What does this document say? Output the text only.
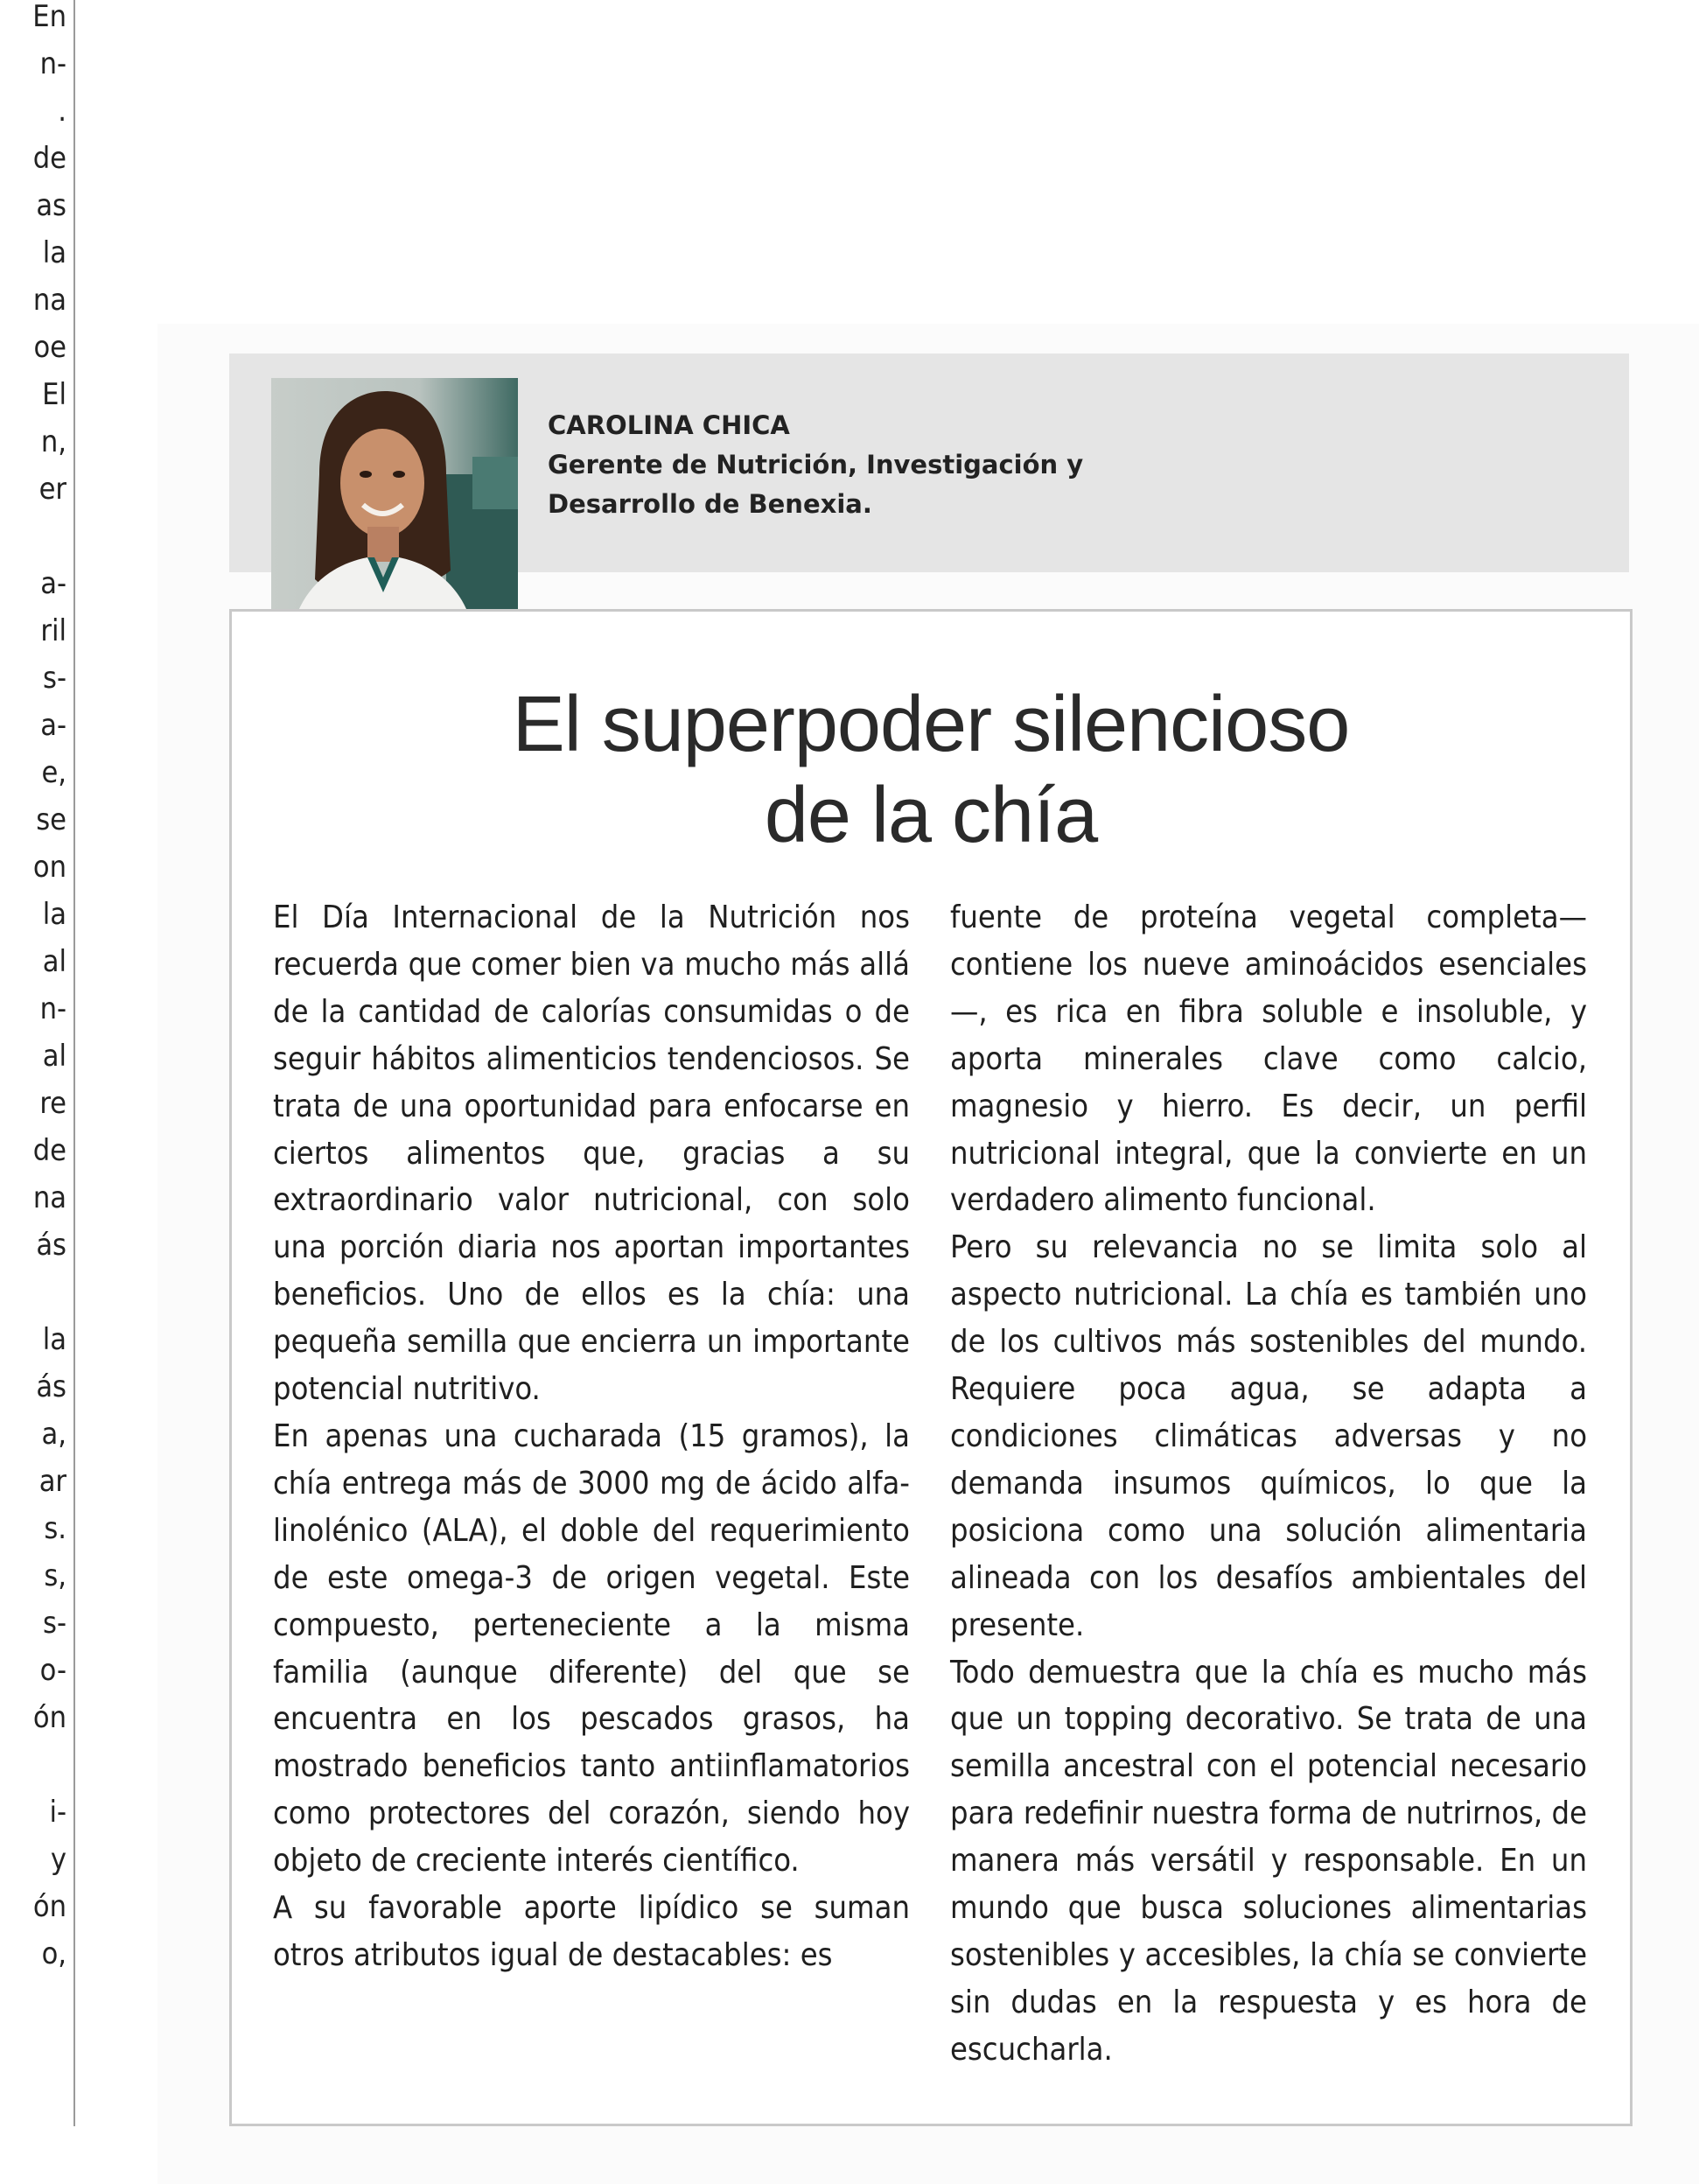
En
n-
.
de
as
la
na
oe
El
n,
er
a-
ril
s-
a-
e,
se
on
la
al
n-
al
re
de
na
ás
la
ás
a,
ar
s.
s,
s-
o-
ón
i-
y
ón
o,
CAROLINA CHICA
Gerente de Nutrición, Investigación y
Desarrollo de Benexia.
El superpoder silencioso
de la chía

El Día Internacional de la Nutrición nos recuerda que comer bien va mucho más allá de la cantidad de calorías consumidas o de seguir hábitos alimenticios tendenciosos. Se trata de una oportunidad para enfocarse en ciertos alimentos que, gracias a su extraordinario valor nutricional, con solo una porción diaria nos aportan importantes beneficios. Uno de ellos es la chía: una pequeña semilla que encierra un importante potencial nutritivo.

En apenas una cucharada (15 gramos), la chía entrega más de 3000 mg de ácido alfa-linolénico (ALA), el doble del requerimiento de este omega-3 de origen vegetal. Este compuesto, perteneciente a la misma familia (aunque diferente) del que se encuentra en los pescados grasos, ha mostrado beneficios tanto antiinflamatorios como protectores del corazón, siendo hoy objeto de creciente interés científico.

A su favorable aporte lipídico se suman otros atributos igual de destacables: es

fuente de proteína vegetal completa—contiene los nueve aminoácidos esenciales—, es rica en fibra soluble e insoluble, y aporta minerales clave como calcio, magnesio y hierro. Es decir, un perfil nutricional integral, que la convierte en un verdadero alimento funcional.

Pero su relevancia no se limita solo al aspecto nutricional. La chía es también uno de los cultivos más sostenibles del mundo. Requiere poca agua, se adapta a condiciones climáticas adversas y no demanda insumos químicos, lo que la posiciona como una solución alimentaria alineada con los desafíos ambientales del presente.

Todo demuestra que la chía es mucho más que un topping decorativo. Se trata de una semilla ancestral con el potencial necesario para redefinir nuestra forma de nutrirnos, de manera más versátil y responsable. En un mundo que busca soluciones alimentarias sostenibles y accesibles, la chía se convierte sin dudas en la respuesta y es hora de escucharla.
